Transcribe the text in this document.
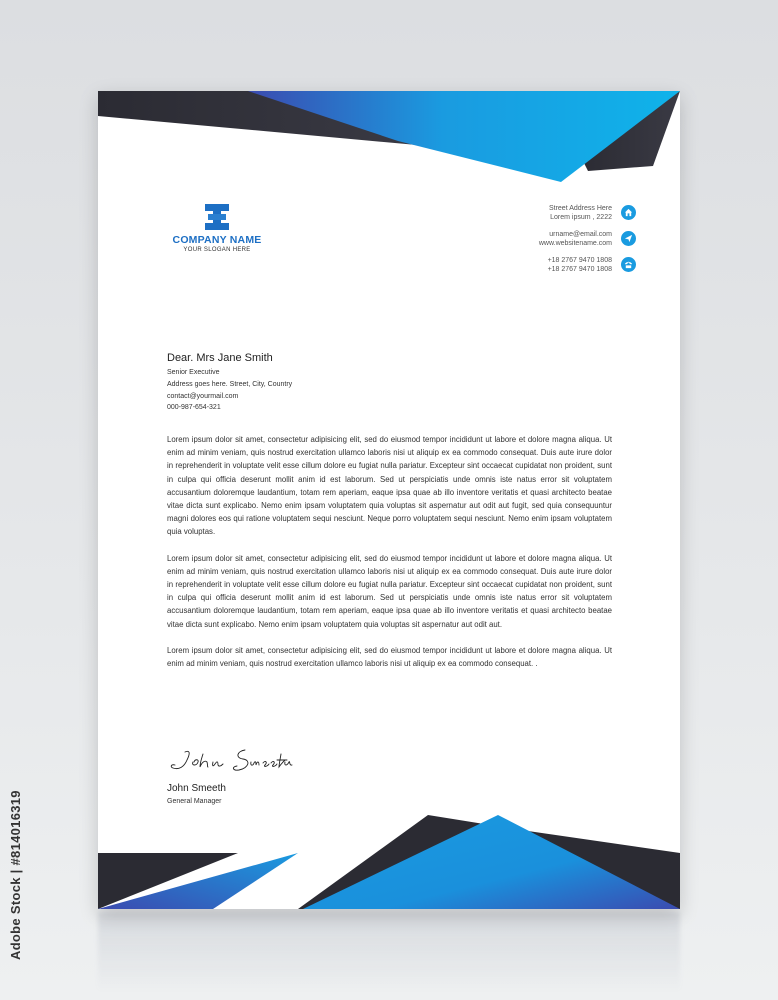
COMPANY NAME
YOUR SLOGAN HERE
Street Address Here
Lorem ipsum , 2222
urname@email.com
www.websitename.com
+18 2767 9470 1808
+18 2767 9470 1808
Dear. Mrs Jane Smith
Senior Executive
Address goes here. Street, City, Country
contact@yourmail.com
000-987-654-321

Lorem ipsum dolor sit amet, consectetur adipisicing elit, sed do eiusmod tempor incididunt ut labore et dolore magna aliqua. Ut enim ad minim veniam, quis nostrud exercitation ullamco laboris nisi ut aliquip ex ea commodo consequat. Duis aute irure dolor in reprehenderit in voluptate velit esse cillum dolore eu fugiat nulla pariatur. Excepteur sint occaecat cupidatat non proident, sunt in culpa qui officia deserunt mollit anim id est laborum. Sed ut perspiciatis unde omnis iste natus error sit voluptatem accusantium doloremque laudantium, totam rem aperiam, eaque ipsa quae ab illo inventore veritatis et quasi architecto beatae vitae dicta sunt explicabo. Nemo enim ipsam voluptatem quia voluptas sit aspernatur aut odit aut fugit, sed quia consequuntur magni dolores eos qui ratione voluptatem sequi nesciunt. Neque porro voluptatem sequi nesciunt. Nemo enim ipsam voluptatem quia voluptas.

Lorem ipsum dolor sit amet, consectetur adipisicing elit, sed do eiusmod tempor incididunt ut labore et dolore magna aliqua. Ut enim ad minim veniam, quis nostrud exercitation ullamco laboris nisi ut aliquip ex ea commodo consequat. Duis aute irure dolor in reprehenderit in voluptate velit esse cillum dolore eu fugiat nulla pariatur. Excepteur sint occaecat cupidatat non proident, sunt in culpa qui officia deserunt mollit anim id est laborum. Sed ut perspiciatis unde omnis iste natus error sit voluptatem accusantium doloremque laudantium, totam rem aperiam, eaque ipsa quae ab illo inventore veritatis et quasi architecto beatae vitae dicta sunt explicabo. Nemo enim ipsam voluptatem quia voluptas sit aspernatur aut odit aut.

Lorem ipsum dolor sit amet, consectetur adipisicing elit, sed do eiusmod tempor incididunt ut labore et dolore magna aliqua. Ut enim ad minim veniam, quis nostrud exercitation ullamco laboris nisi ut aliquip ex ea commodo consequat. .

John Smeeth
General Manager
Adobe Stock | #814016319
